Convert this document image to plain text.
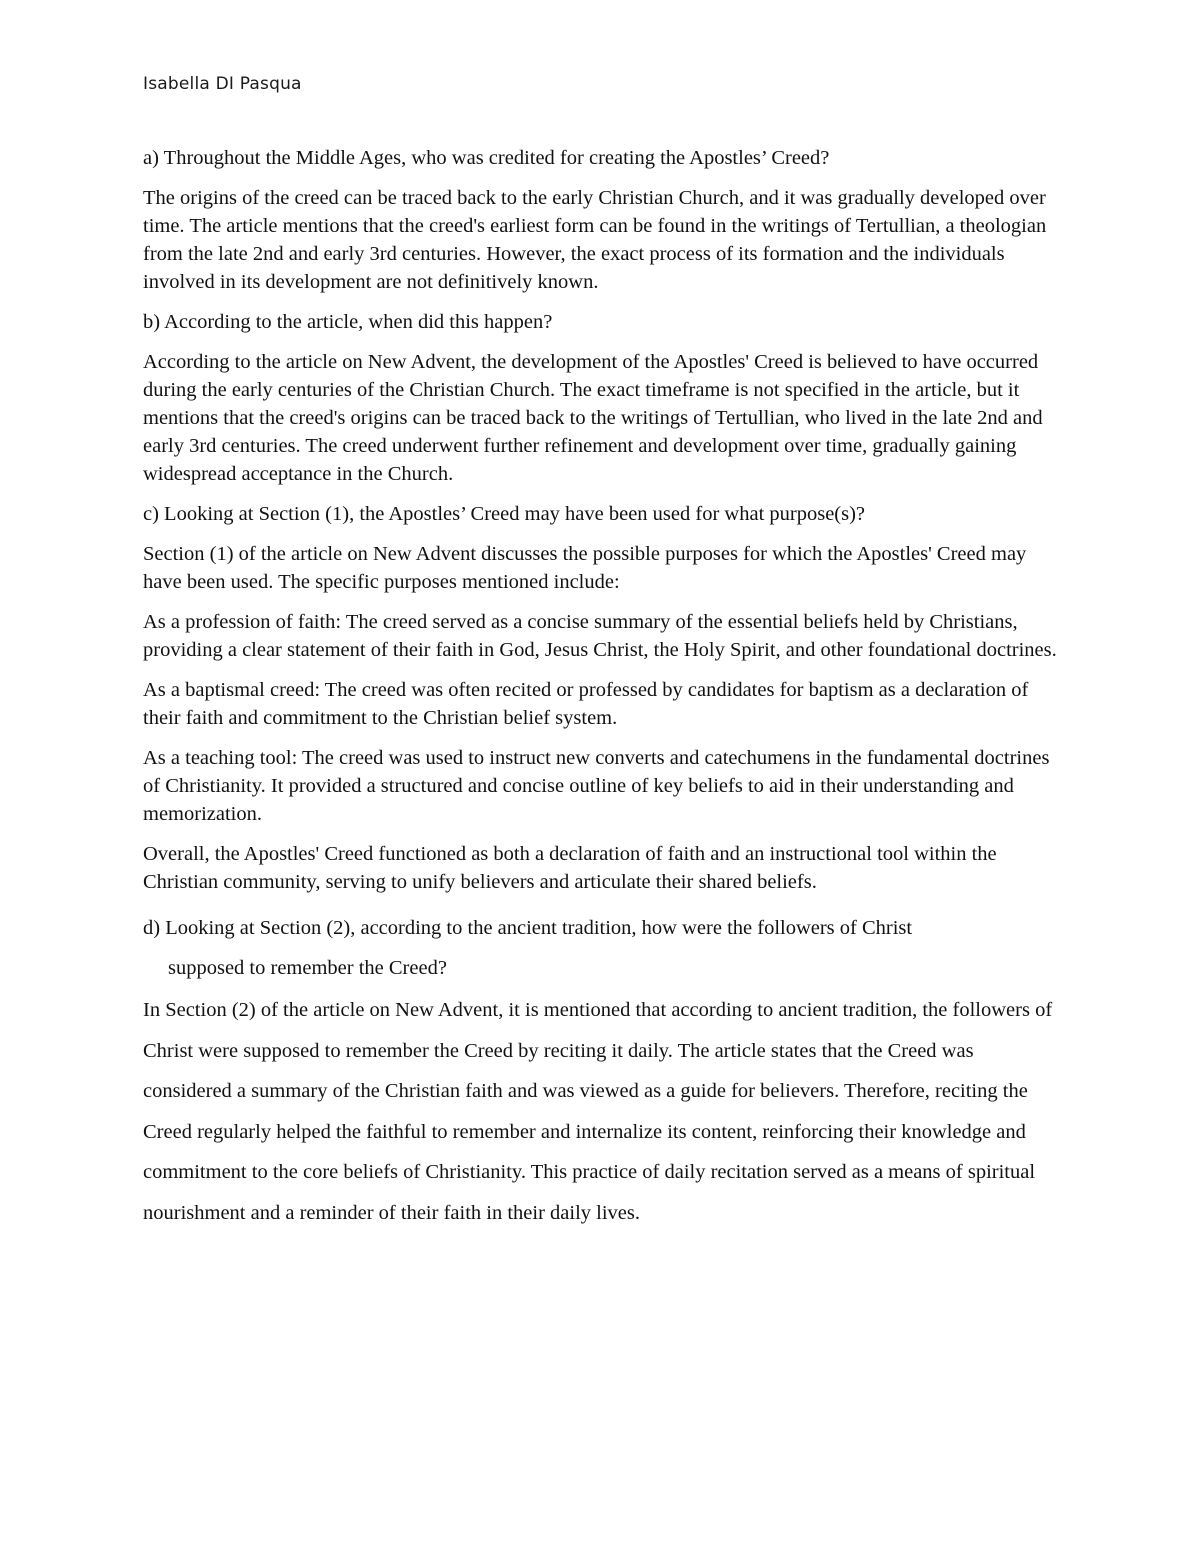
Isabella DI Pasqua

a) Throughout the Middle Ages, who was credited for creating the Apostles’ Creed?

The origins of the creed can be traced back to the early Christian Church, and it was gradually developed over time. The article mentions that the creed's earliest form can be found in the writings of Tertullian, a theologian from the late 2nd and early 3rd centuries. However, the exact process of its formation and the individuals involved in its development are not definitively known.

b) According to the article, when did this happen?

According to the article on New Advent, the development of the Apostles' Creed is believed to have occurred during the early centuries of the Christian Church. The exact timeframe is not specified in the article, but it mentions that the creed's origins can be traced back to the writings of Tertullian, who lived in the late 2nd and early 3rd centuries. The creed underwent further refinement and development over time, gradually gaining widespread acceptance in the Church.

c) Looking at Section (1), the Apostles’ Creed may have been used for what purpose(s)?

Section (1) of the article on New Advent discusses the possible purposes for which the Apostles' Creed may have been used. The specific purposes mentioned include:

As a profession of faith: The creed served as a concise summary of the essential beliefs held by Christians, providing a clear statement of their faith in God, Jesus Christ, the Holy Spirit, and other foundational doctrines.

As a baptismal creed: The creed was often recited or professed by candidates for baptism as a declaration of their faith and commitment to the Christian belief system.

As a teaching tool: The creed was used to instruct new converts and catechumens in the fundamental doctrines of Christianity. It provided a structured and concise outline of key beliefs to aid in their understanding and memorization.

Overall, the Apostles' Creed functioned as both a declaration of faith and an instructional tool within the Christian community, serving to unify believers and articulate their shared beliefs.

d) Looking at Section (2), according to the ancient tradition, how were the followers of Christ

supposed to remember the Creed?

In Section (2) of the article on New Advent, it is mentioned that according to ancient tradition, the followers of Christ were supposed to remember the Creed by reciting it daily. The article states that the Creed was considered a summary of the Christian faith and was viewed as a guide for believers. Therefore, reciting the Creed regularly helped the faithful to remember and internalize its content, reinforcing their knowledge and commitment to the core beliefs of Christianity. This practice of daily recitation served as a means of spiritual nourishment and a reminder of their faith in their daily lives.
